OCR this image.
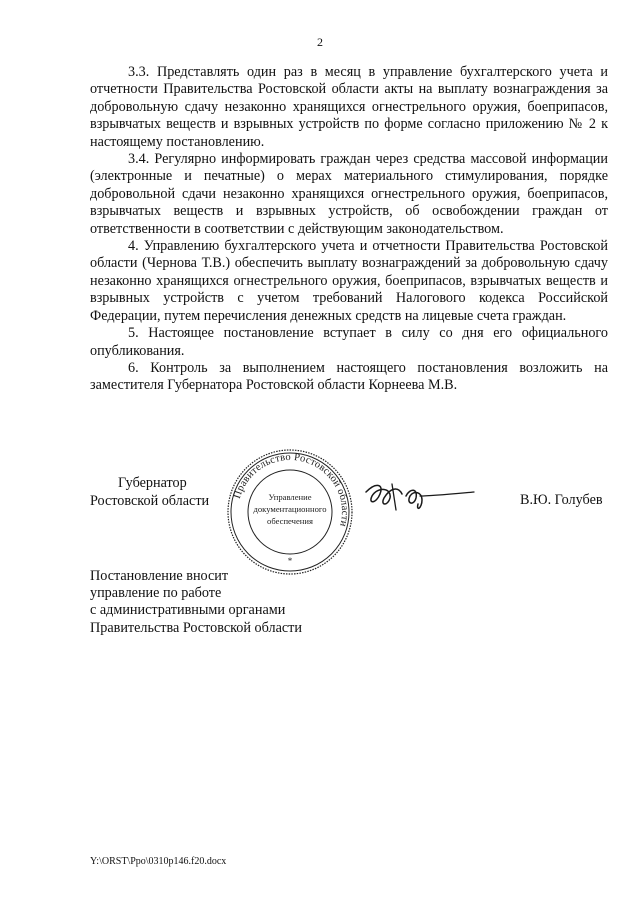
2

3.3. Представлять один раз в месяц в управление бухгалтерского учета и отчетности Правительства Ростовской области акты на выплату вознаграждения за добровольную сдачу незаконно хранящихся огнестрельного оружия, боеприпасов, взрывчатых веществ и взрывных устройств по форме согласно приложению № 2 к настоящему постановлению.

3.4. Регулярно информировать граждан через средства массовой информации (электронные и печатные) о мерах материального стимулирования, порядке добровольной сдачи незаконно хранящихся огнестрельного оружия, боеприпасов, взрывчатых веществ и взрывных устройств, об освобождении граждан от ответственности в соответствии с действующим законодательством.

4. Управлению бухгалтерского учета и отчетности Правительства Ростовской области (Чернова Т.В.) обеспечить выплату вознаграждений за добровольную сдачу незаконно хранящихся огнестрельного оружия, боеприпасов, взрывчатых веществ и взрывных устройств с учетом требований Налогового кодекса Российской Федерации, путем перечисления денежных средств на лицевые счета граждан.

5. Настоящее постановление вступает в силу со дня его официального опубликования.

6. Контроль за выполнением настоящего постановления возложить на заместителя Губернатора Ростовской области Корнеева М.В.

Губернатор
Ростовской области Правительство Ростовской области
Управление
документационного
обеспечения
*
В.Ю. Голубев
Постановление вносит
управление по работе
с административными органами
Правительства Ростовской области
Y:\ORST\Ppo\0310p146.f20.docx
